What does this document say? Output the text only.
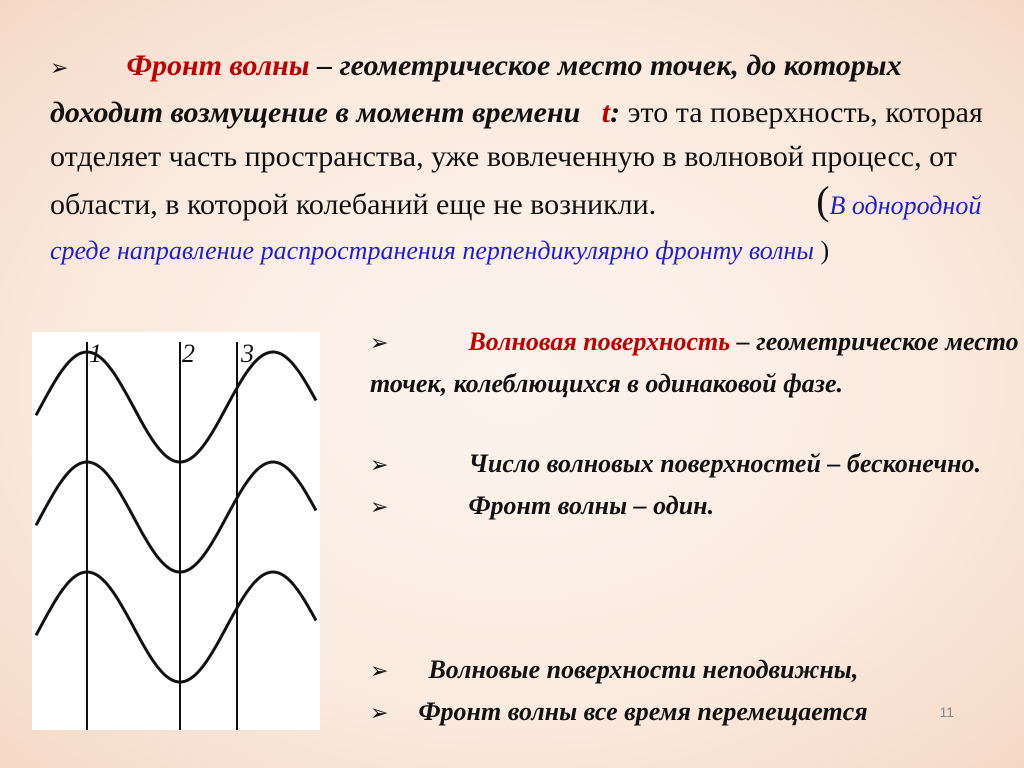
➢ Фронт волны – геометрическое место точек, до которых доходит возмущение в момент времени t: это та поверхность, которая отделяет часть пространства, уже вовлеченную в волновой процесс, от области, в которой колебаний еще не возникли.	(В однородной среде направление распространения перпендикулярно фронту волны )
1	2 3	➢	Волновая поверхность – геометрическое место точек, колеблющихся в одинаковой фазе.

➢	Число волновых поверхностей – бесконечно.

➢	Фронт волны – один.

➢ Волновые поверхности неподвижны,

➢ Фронт волны все время перемещается	11
